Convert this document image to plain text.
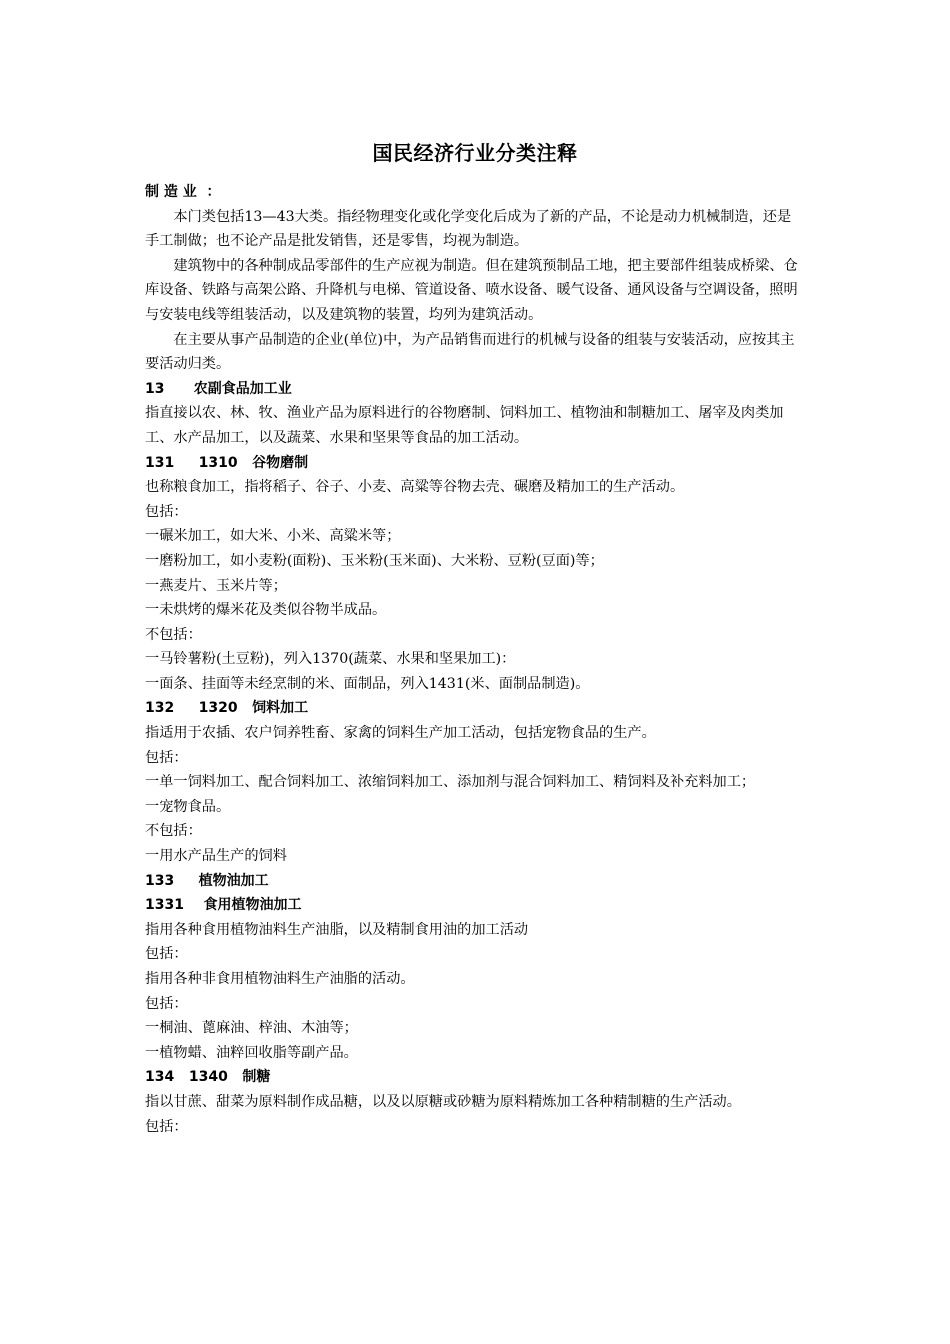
国民经济行业分类注释

制 造 业  ：

本门类包括13—43大类。指经物理变化或化学变化后成为了新的产品，不论是动力机械制造，还是手工制做；也不论产品是批发销售，还是零售，均视为制造。

建筑物中的各种制成品零部件的生产应视为制造。但在建筑预制品工地，把主要部件组装成桥梁、仓库设备、铁路与高架公路、升降机与电梯、管道设备、喷水设备、暖气设备、通风设备与空调设备，照明与安装电线等组装活动，以及建筑物的装置，均列为建筑活动。

在主要从事产品制造的企业(单位)中，为产品销售而进行的机械与设备的组装与安装活动，应按其主要活动归类。

13      农副食品加工业

指直接以农、林、牧、渔业产品为原料进行的谷物磨制、饲料加工、植物油和制糖加工、屠宰及肉类加工、水产品加工，以及蔬菜、水果和坚果等食品的加工活动。

131     1310   谷物磨制

也称粮食加工，指将稻子、谷子、小麦、高粱等谷物去壳、碾磨及精加工的生产活动。

包括：

一碾米加工，如大米、小米、高粱米等；

一磨粉加工，如小麦粉(面粉)、玉米粉(玉米面)、大米粉、豆粉(豆面)等；

一燕麦片、玉米片等；

一未烘烤的爆米花及类似谷物半成品。

不包括：

一马铃薯粉(土豆粉)，列入1370(蔬菜、水果和坚果加工)：

一面条、挂面等未经烹制的米、面制品，列入1431(米、面制品制造)。

132     1320   饲料加工

指适用于农插、农户饲养牲畜、家禽的饲料生产加工活动，包括宠物食品的生产。

包括：

一单一饲料加工、配合饲料加工、浓缩饲料加工、添加剂与混合饲料加工、精饲料及补充料加工；

一宠物食品。

不包括：

一用水产品生产的饲料

133     植物油加工

1331    食用植物油加工

指用各种食用植物油料生产油脂，以及精制食用油的加工活动

包括：

指用各种非食用植物油料生产油脂的活动。

包括：

一桐油、蓖麻油、梓油、木油等；

一植物蜡、油粹回收脂等副产品。

134   1340   制糖

指以甘蔗、甜菜为原料制作成品糖，以及以原糖或砂糖为原料精炼加工各种精制糖的生产活动。

包括：
